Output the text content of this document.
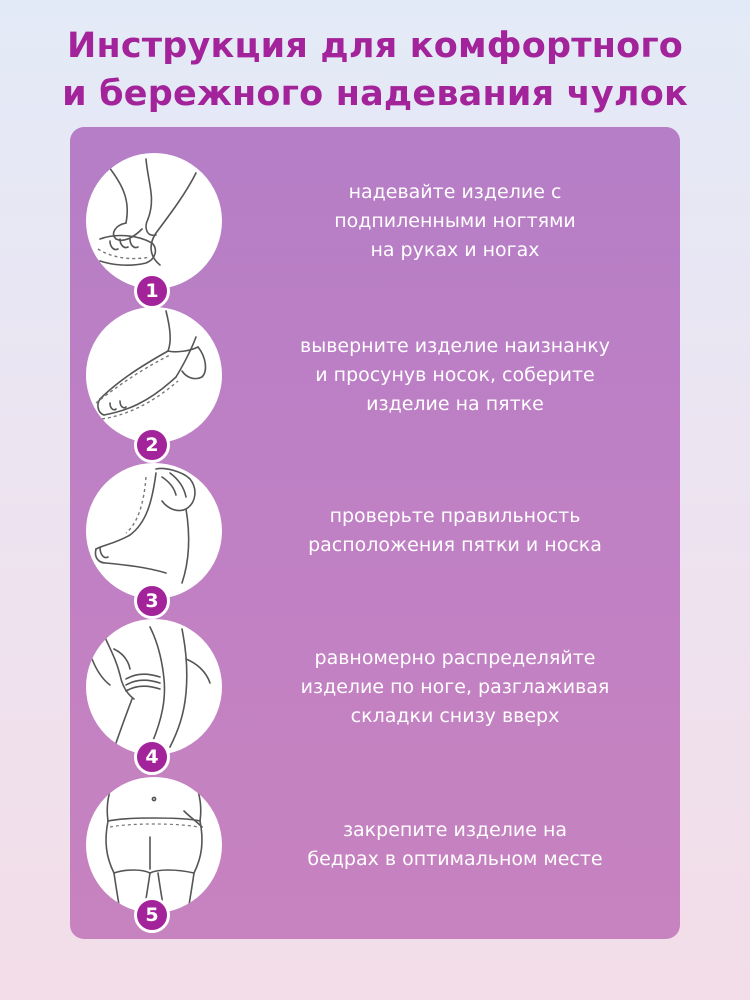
Инструкция для комфортного
и бережного надевания чулок
1
надевайте изделие с
подпиленными ногтями
на руках и ногах
2
выверните изделие наизнанку
и просунув носок, соберите
изделие на пятке
3
проверьте правильность
расположения пятки и носка
4
равномерно распределяйте
изделие по ноге, разглаживая
складки снизу вверх
5
закрепите изделие на
бедрах в оптимальном месте
